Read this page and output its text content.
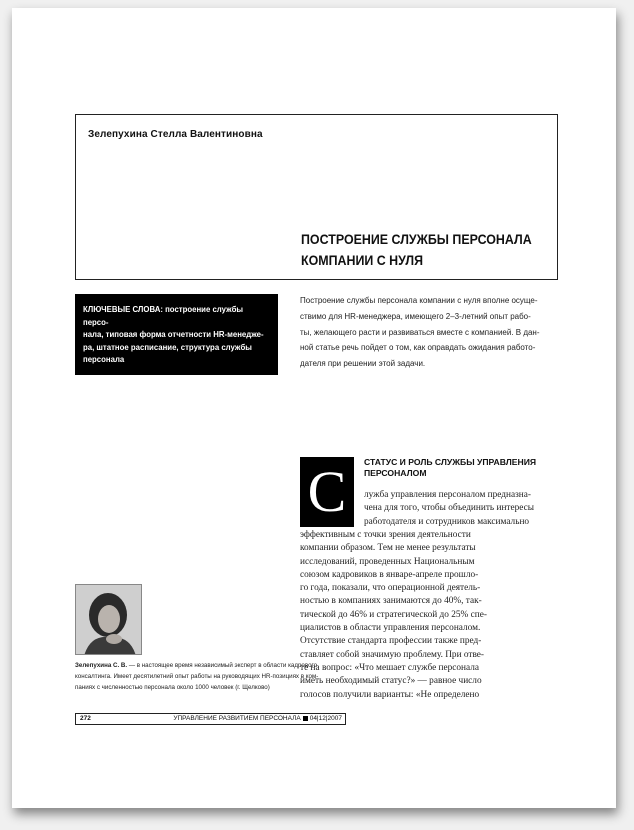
Зелепухина Стелла Валентиновна
ПОСТРОЕНИЕ СЛУЖБЫ ПЕРСОНАЛА
КОМПАНИИ С НУЛЯ
КЛЮЧЕВЫЕ СЛОВА: построение службы персо-
нала, типовая форма отчетности HR-менедже-
ра, штатное расписание, структура службы
персонала
Построение службы персонала компании с нуля вполне осуще-
ствимо для HR-менеджера, имеющего 2–3-летний опыт рабо-
ты, желающего расти и развиваться вместе с компанией. В дан-
ной статье речь пойдет о том, как оправдать ожидания работо-
дателя при решении этой задачи.
С	СТАТУС И РОЛЬ СЛУЖБЫ УПРАВЛЕНИЯ
ПЕРСОНАЛОМ
лужба управления персоналом предназна-
чена для того, чтобы объединить интересы
работодателя и сотрудников максимально
эффективным с точки зрения деятельности
компании образом. Тем не менее результаты
исследований, проведенных Национальным
союзом кадровиков в январе-апреле прошло-
го года, показали, что операционной деятель-
ностью в компаниях занимаются до 40%, так-
тической до 46% и стратегической до 25% спе-
циалистов в области управления персоналом.
Отсутствие стандарта профессии также пред-
ставляет собой значимую проблему. При отве-
те на вопрос: «Что мешает службе персонала
иметь необходимый статус?» — равное число
голосов получили варианты: «Не определено
Зелепухина С. В. — в настоящее время независимый эксперт в области кадрового
консалтинга. Имеет десятилетний опыт работы на руководящих HR-позициях в ком-
паниях с численностью персонала около 1000 человек (г. Щелково)
272	УПРАВЛЕНИЕ РАЗВИТИЕМ ПЕРСОНАЛА 04|12|2007
